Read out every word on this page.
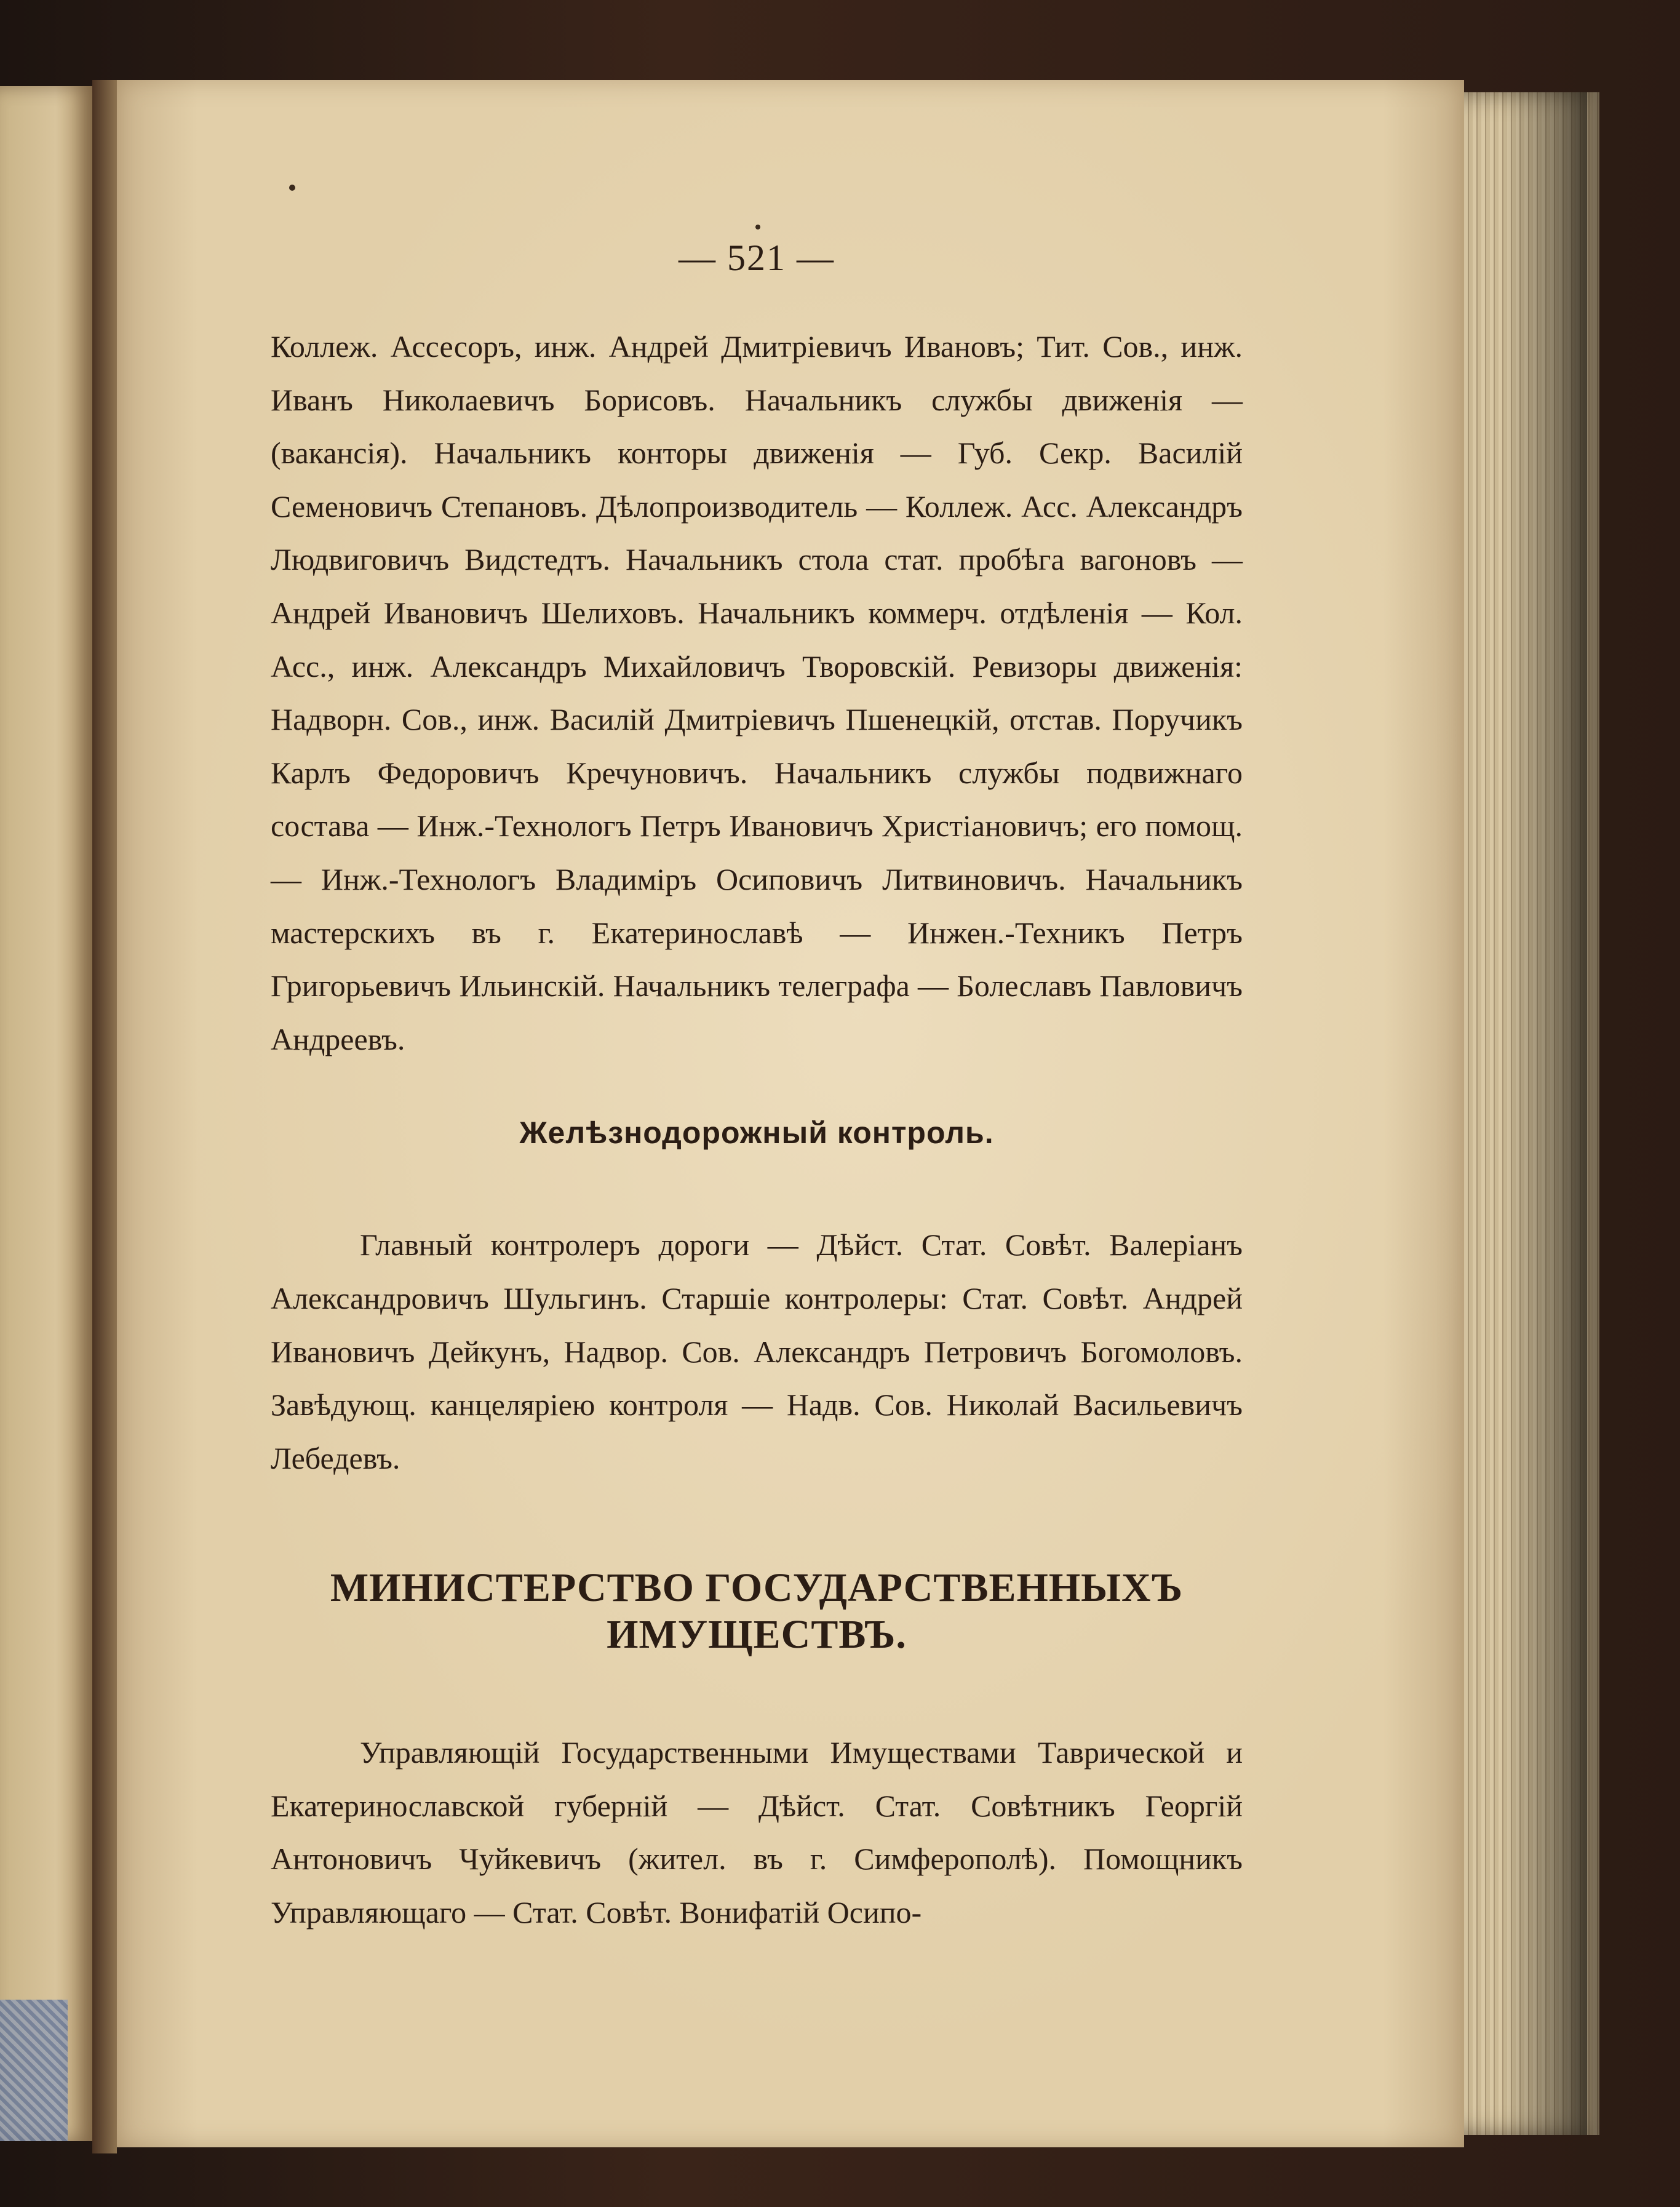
— 521 —

Коллеж. Ассесоръ, инж. Андрей Дмитріевичъ Ивановъ; Тит. Сов., инж. Иванъ Николаевичъ Борисовъ. Начальникъ службы движенія — (вакансія). Начальникъ конторы движенія — Губ. Секр. Василій Семеновичъ Степановъ. Дѣлопроизводитель — Коллеж. Асс. Александръ Людвиговичъ Видстедтъ. Начальникъ стола стат. пробѣга вагоновъ — Андрей Ивановичъ Шелиховъ. Начальникъ коммерч. отдѣленія — Кол. Асс., инж. Александръ Михайловичъ Творовскій. Ревизоры движенія: Надворн. Сов., инж. Василій Дмитріевичъ Пшенецкій, отстав. Поручикъ Карлъ Федоровичъ Кречуновичъ. Начальникъ службы подвижнаго состава — Инж.-Технологъ Петръ Ивановичъ Христіановичъ; его помощ. — Инж.-Технологъ Владиміръ Осиповичъ Литвиновичъ. Начальникъ мастерскихъ въ г. Екатеринославѣ — Инжен.-Техникъ Петръ Григорьевичъ Ильинскій. Начальникъ телеграфа — Болеславъ Павловичъ Андреевъ.

Желѣзнодорожный контроль.

Главный контролеръ дороги — Дѣйст. Стат. Совѣт. Валеріанъ Александровичъ Шульгинъ. Старшіе контролеры: Стат. Совѣт. Андрей Ивановичъ Дейкунъ, Надвор. Сов. Александръ Петровичъ Богомоловъ. Завѣдующ. канцеляріею контроля — Надв. Сов. Николай Васильевичъ Лебедевъ.

МИНИСТЕРСТВО ГОСУДАРСТВЕННЫХЪ ИМУЩЕСТВЪ.

Управляющій Государственными Имуществами Таврической и Екатеринославской губерній — Дѣйст. Стат. Совѣтникъ Георгій Антоновичъ Чуйкевичъ (жител. въ г. Симферополѣ). Помощникъ Управляющаго — Стат. Совѣт. Вонифатій Осипо-
